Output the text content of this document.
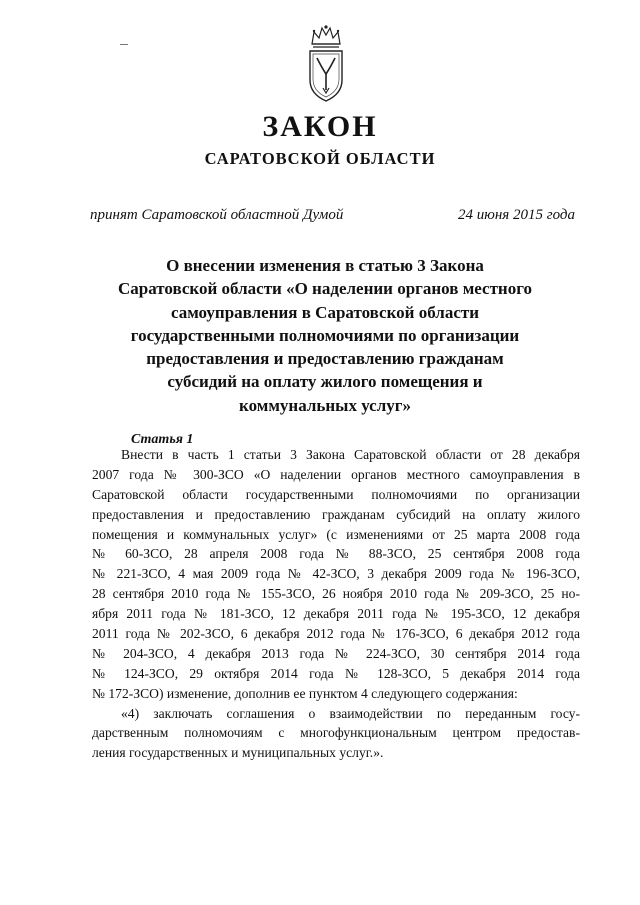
ЗАКОН
САРАТОВСКОЙ ОБЛАСТИ
принят Саратовской областной Думой	24 июня 2015 года
О внесении изменения в статью 3 Закона
Саратовской области «О наделении органов местного
самоуправления в Саратовской области
государственными полномочиями по организации
предоставления и предоставлению гражданам
субсидий на оплату жилого помещения и
коммунальных услуг»
Статья 1
Внести в часть 1 статьи 3 Закона Саратовской области от 28 декабря
2007 года № 300-ЗСО «О наделении органов местного самоуправления в
Саратовской области государственными полномочиями по организации
предоставления и предоставлению гражданам субсидий на оплату жилого
помещения и коммунальных услуг» (с изменениями от 25 марта 2008 года
№ 60-ЗСО, 28 апреля 2008 года № 88-ЗСО, 25 сентября 2008 года
№ 221-ЗСО, 4 мая 2009 года № 42-ЗСО, 3 декабря 2009 года № 196-ЗСО,
28 сентября 2010 года № 155-ЗСО, 26 ноября 2010 года № 209-ЗСО, 25 но-
ября 2011 года № 181-ЗСО, 12 декабря 2011 года № 195-ЗСО, 12 декабря
2011 года № 202-ЗСО, 6 декабря 2012 года № 176-ЗСО, 6 декабря 2012 года
№ 204-ЗСО, 4 декабря 2013 года № 224-ЗСО, 30 сентября 2014 года
№ 124-ЗСО, 29 октября 2014 года № 128-ЗСО, 5 декабря 2014 года
№ 172-ЗСО) изменение, дополнив ее пунктом 4 следующего содержания:
«4) заключать соглашения о взаимодействии по переданным госу-
дарственным полномочиям с многофункциональным центром предостав-
ления государственных и муниципальных услуг.».
